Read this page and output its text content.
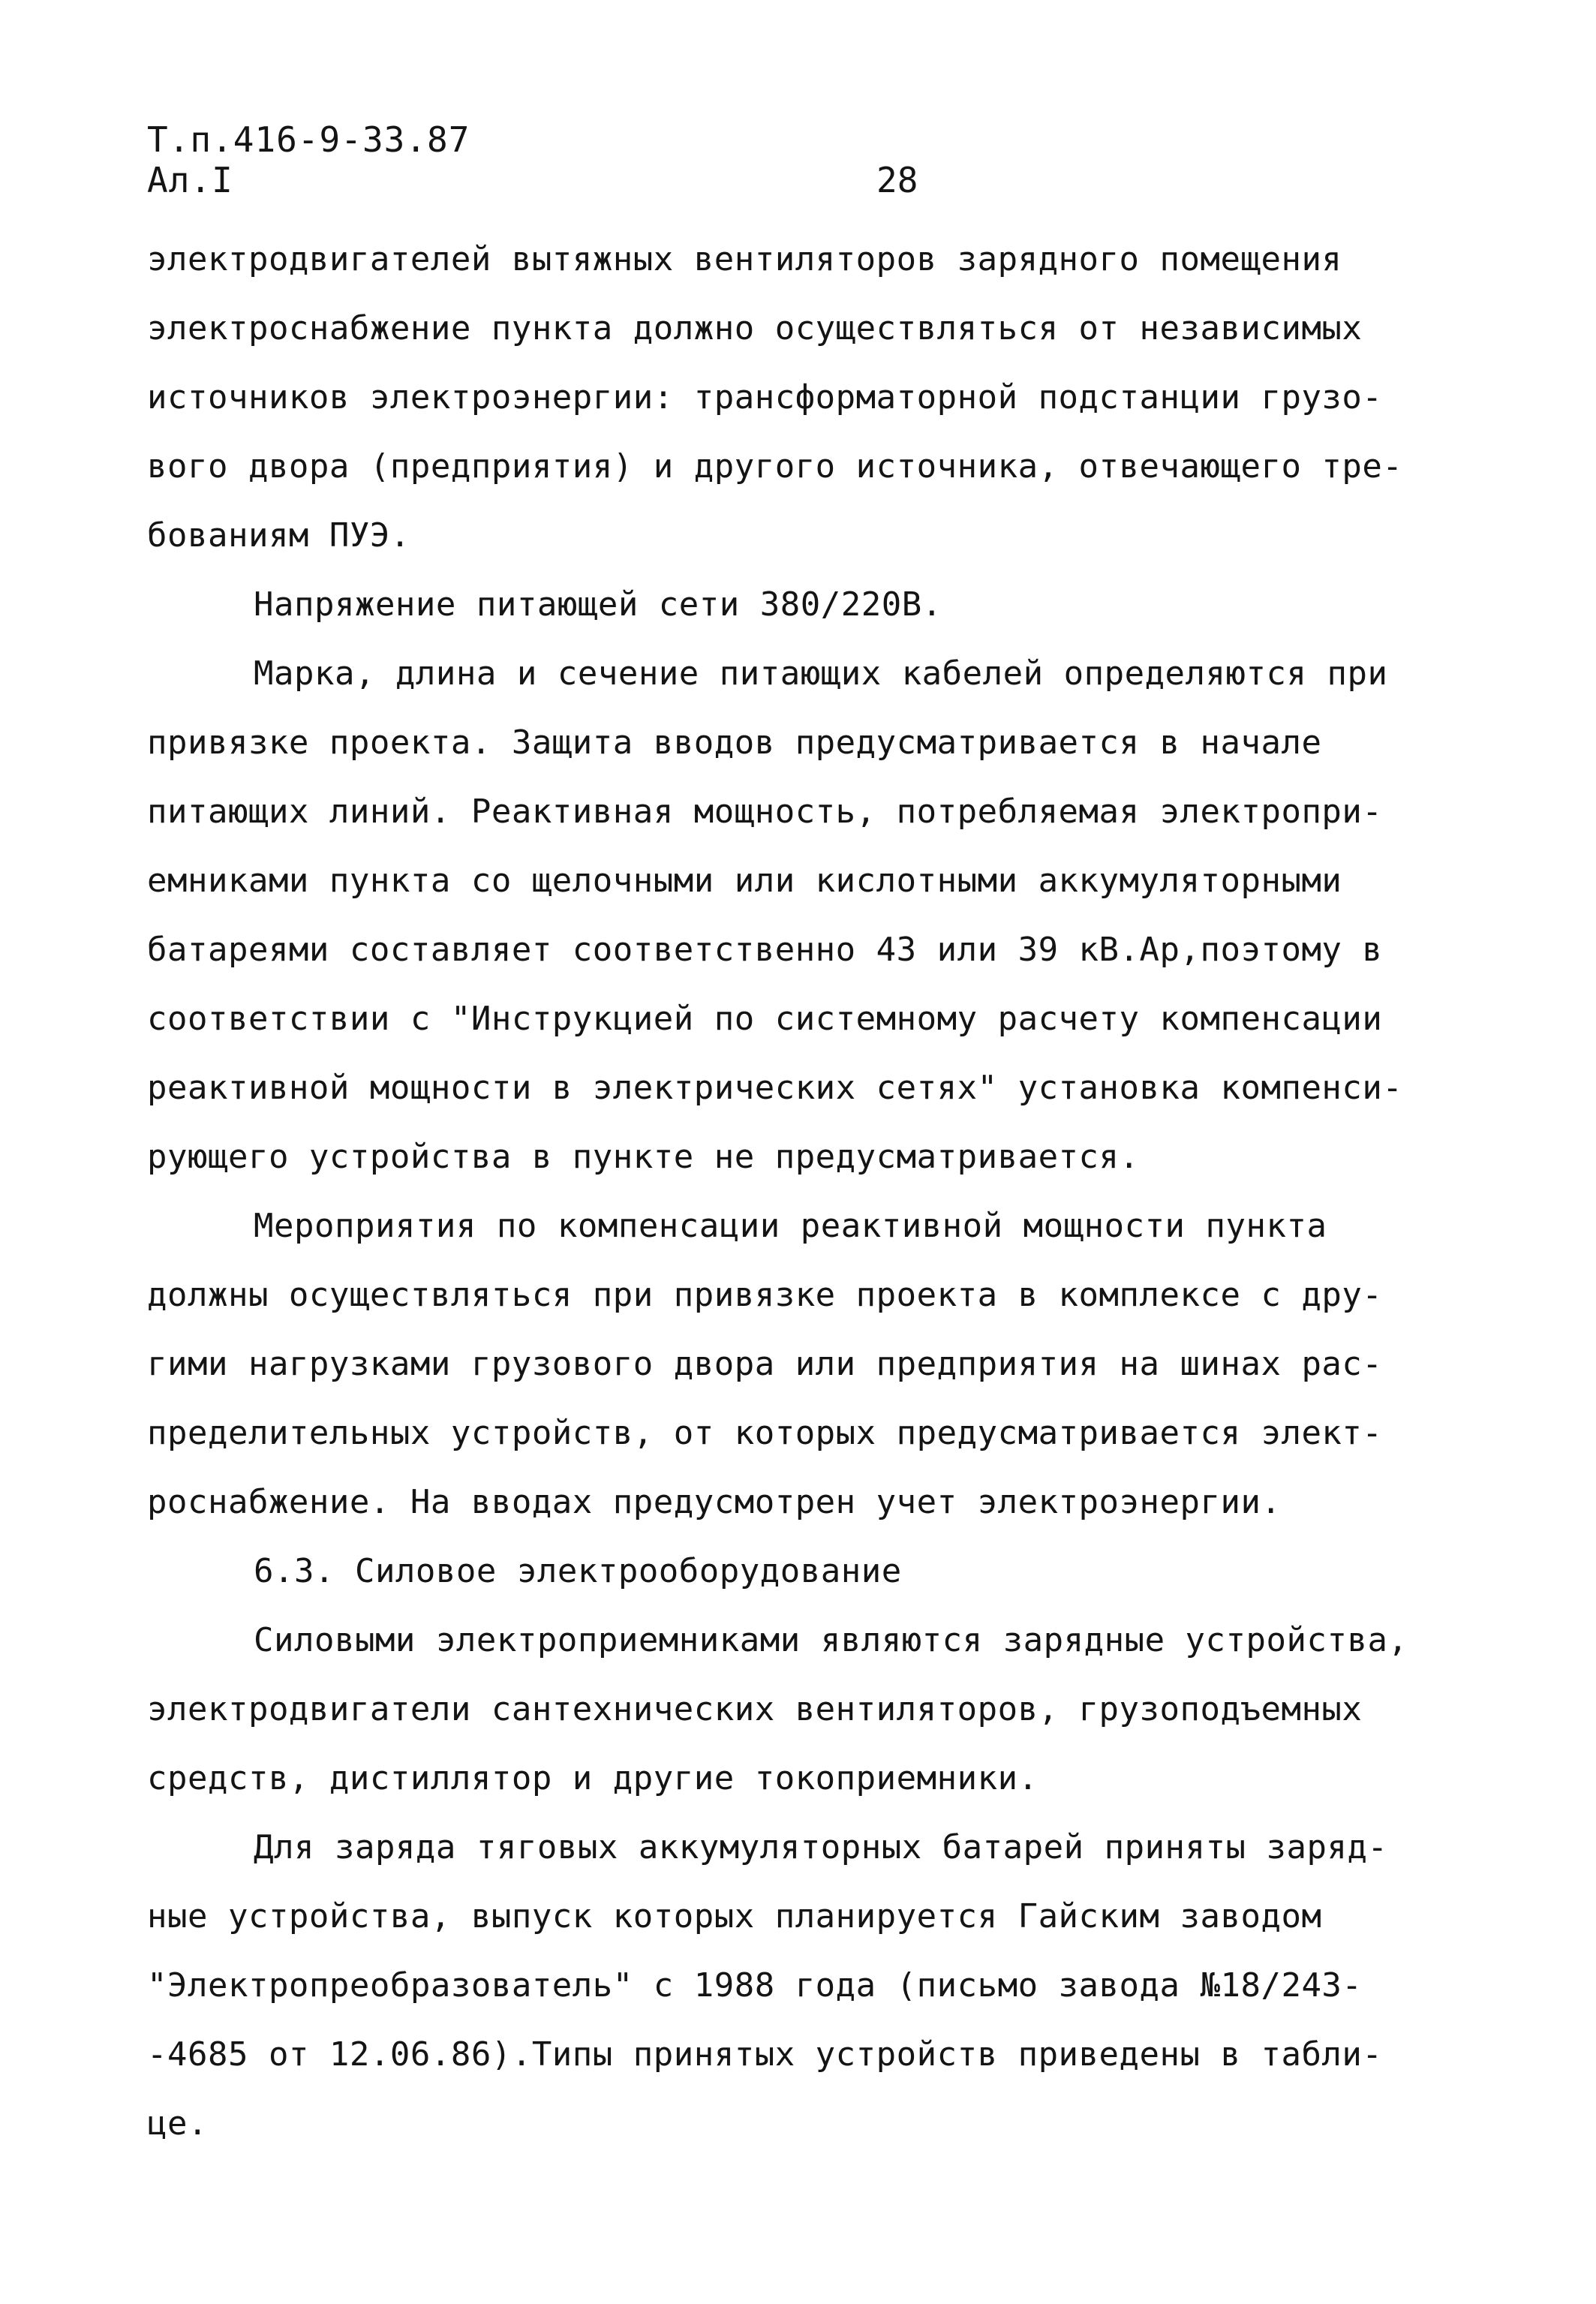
Т.п.416-9-33.87
Ал.I	28
электродвигателей вытяжных вентиляторов зарядного помещения
электроснабжение пункта должно осуществляться от независимых
источников электроэнергии: трансформаторной подстанции грузо-
вого двора (предприятия) и другого источника, отвечающего тре-
бованиям ПУЭ.
Напряжение питающей сети 380/220В.
Марка, длина и сечение питающих кабелей определяются при
привязке проекта. Защита вводов предусматривается в начале
питающих линий. Реактивная мощность, потребляемая электропри-
емниками пункта со щелочными или кислотными аккумуляторными
батареями составляет соответственно 43 или 39 кВ.Ар,поэтому в
соответствии с "Инструкцией по системному расчету компенсации
реактивной мощности в электрических сетях" установка компенси-
рующего устройства в пункте не предусматривается.
Мероприятия по компенсации реактивной мощности пункта
должны осуществляться при привязке проекта в комплексе с дру-
гими нагрузками грузового двора или предприятия на шинах рас-
пределительных устройств, от которых предусматривается элект-
роснабжение. На вводах предусмотрен учет электроэнергии.
6.3. Силовое электрооборудование
Силовыми электроприемниками являются зарядные устройства,
электродвигатели сантехнических вентиляторов, грузоподъемных
средств, дистиллятор и другие токоприемники.
Для заряда тяговых аккумуляторных батарей приняты заряд-
ные устройства, выпуск которых планируется Гайским заводом
"Электропреобразователь" с 1988 года (письмо завода №18/243-
-4685 от 12.06.86).Типы принятых устройств приведены в табли-
це.
